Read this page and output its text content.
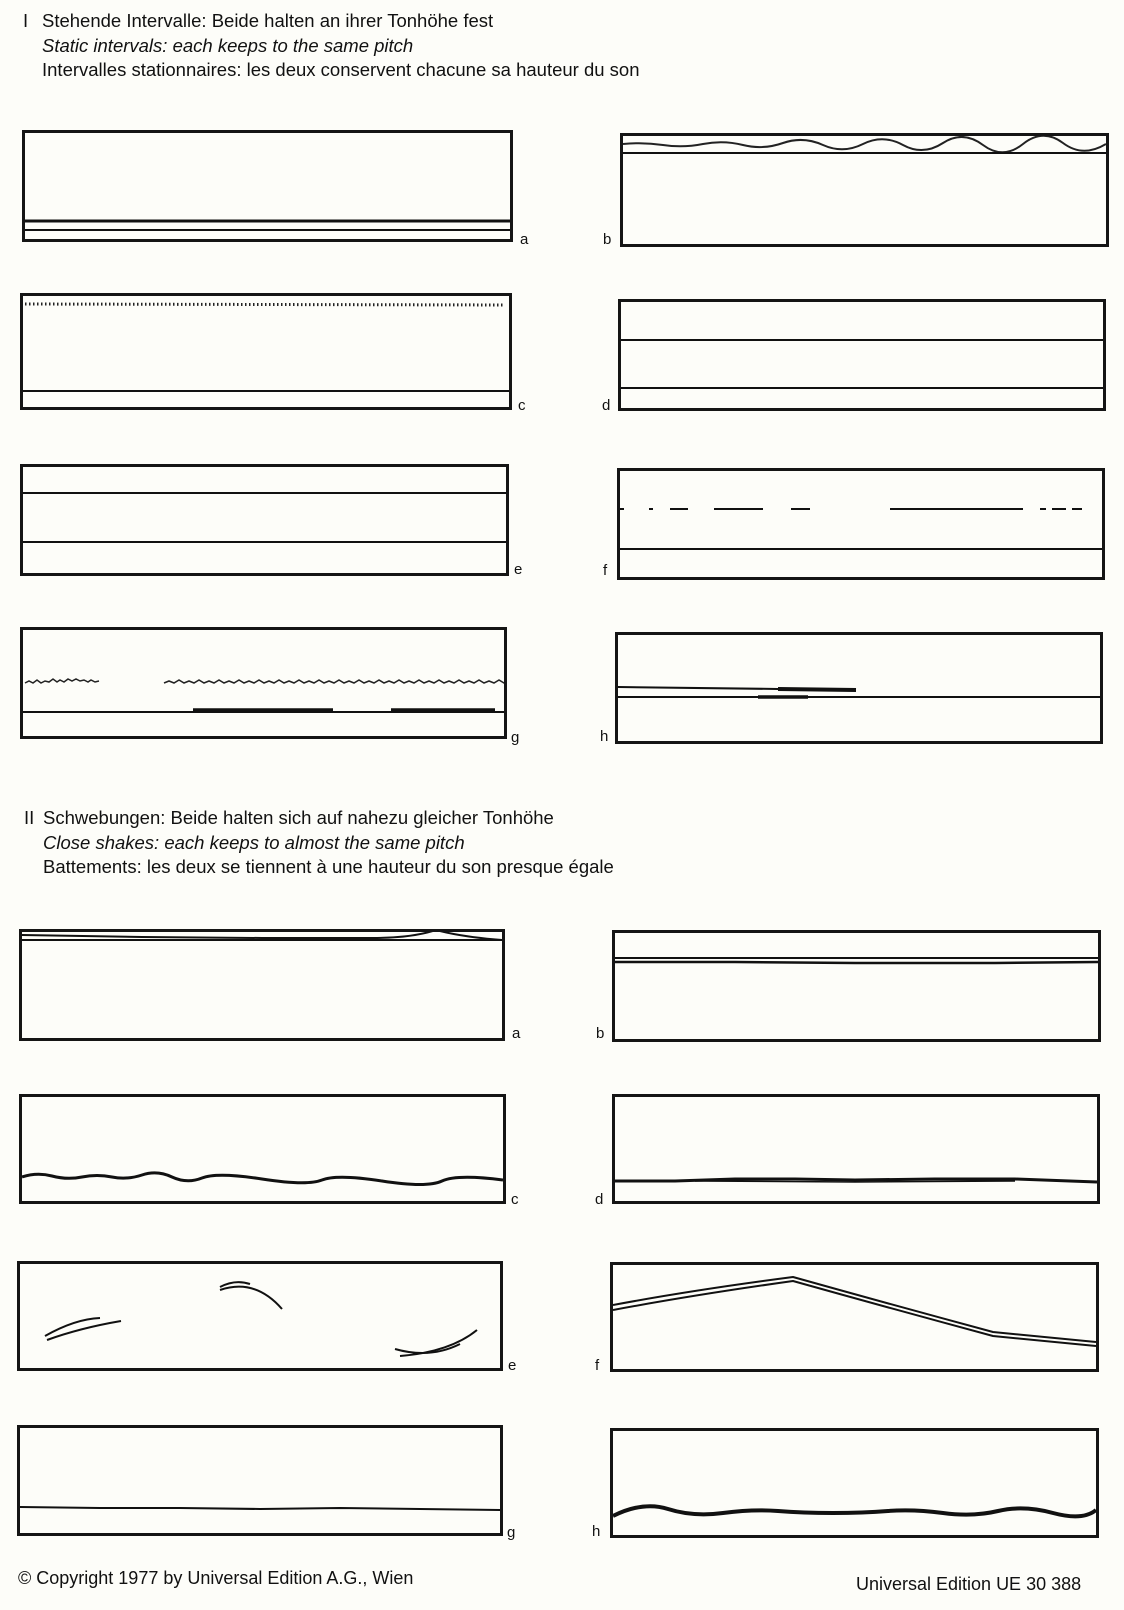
I Stehende Intervalle: Beide halten an ihrer Tonhöhe fest
Static intervals: each keeps to the same pitch
Intervalles stationnaires: les deux conservent chacune sa hauteur du son
a	b
c	d
e	f
g	h
II Schwebungen: Beide halten sich auf nahezu gleicher Tonhöhe
Close shakes: each keeps to almost the same pitch
Battements: les deux se tiennent à une hauteur du son presque égale
a	b
c	d
e	f
g	h
© Copyright 1977 by Universal Edition A.G., Wien	Universal Edition UE 30 388
